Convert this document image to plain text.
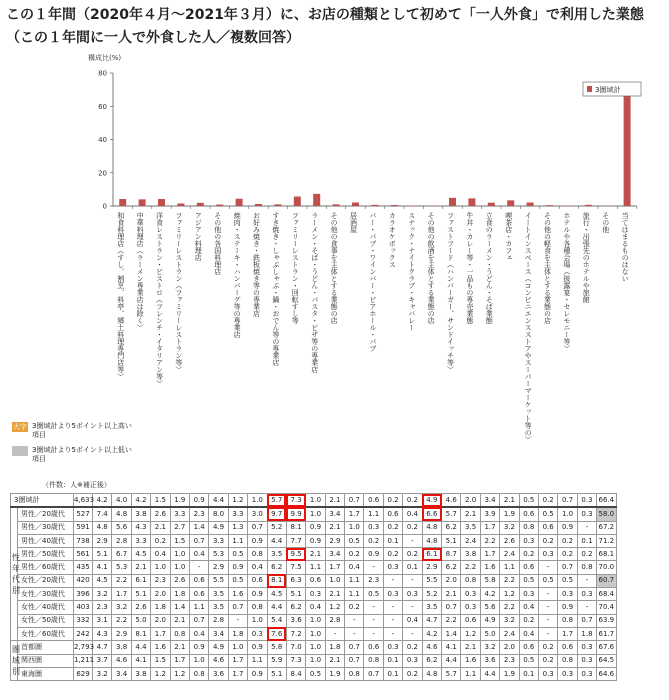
この１年間（2020年４月～2021年３月）に、お店の種類として初めて「一人外食」で利用した業態（この１年間に一人で外食した人／複数回答）
構成比(%)
0
20
40
60
80
和食料理店（すし、割烹、料亭、郷土料理専門店等） 中華料理店（ラーメン専業店は除く） 洋食レストラン・ビストロ（フレンチ・イタリアン等） ファミリーレストラン（ファミリーレストラン等） アジアン料理店 その他の各国料理店 焼肉・ステーキ・ハンバーグ等の専業店 お好み焼き・鉄板焼き等の専業店 すき焼き・しゃぶしゃぶ・鍋・おでん等の専業店 ファミリーレストラン・回転すし等 ラーメン・そば・うどん・パスタ・ピザ等の専業店 その他の食事を主体とする業態の店 居酒屋 バー・パブ・ワインバー・ビアホール・パブ カラオケボックス スナック・ナイトクラブ・キャバレー その他の飲酒を主体とする業態の店 ファストフード（ハンバーガー、サンドイッチ等） 牛丼・カレー等・一品もの専売業態 立食のラーメン・うどん・そば業態 喫茶店・カフェ イートインスペース（コンビニエンスストアやスーパーマーケット等の） その他の軽食を主体とする業態の店 ホテルや各種会場（披露宴・セレモニー等） 旅行・出張先のホテルや旅館 その他 当てはまるものはない
3圏域計
大字 3圏域計より5ポイント以上高い項目
3圏域計より5ポイント以上低い項目
（件数：人※補正後）
3圏域計		4,633	4.2	4.0	4.2	1.5	1.9	0.9	4.4	1.2	1.0	5.7	7.3	1.0	2.1	0.7	0.6	0.2	0.2	4.9	4.6	2.0	3.4	2.1	0.5	0.2	0.7	0.3	66.4
性年代別	男性／20歳代	527	7.4	4.8	3.8	2.6	3.3	2.3	8.0	3.3	3.0	9.7	9.9	1.0	3.4	1.7	1.1	0.6	0.4	6.6	5.7	2.1	3.9	1.9	0.6	0.5	1.0	0.3	58.0
	男性／30歳代	591	4.8	5.6	4.3	2.1	2.7	1.4	4.9	1.3	0.7	5.2	8.1	0.9	2.1	1.0	0.3	0.2	0.2	4.8	6.2	3.5	1.7	3.2	0.8	0.6	0.9	-	67.2
	男性／40歳代	738	2.9	2.8	3.3	0.2	1.5	0.7	3.3	1.1	0.9	4.4	7.7	0.9	2.9	0.5	0.2	0.1	-	4.8	5.1	2.4	2.2	2.6	0.3	0.2	0.2	0.1	71.2
	男性／50歳代	561	5.1	6.7	4.5	0.4	1.0	0.4	5.3	0.5	0.8	3.5	9.5	2.1	3.4	0.2	0.9	0.2	0.2	6.1	8.7	3.8	1.7	2.4	0.2	0.3	0.2	0.2	68.1
	男性／60歳代	435	4.1	5.3	2.1	1.0	1.0	-	2.9	0.9	0.4	6.2	7.5	1.1	1.7	0.4	-	0.3	0.1	2.9	6.2	2.2	1.6	1.1	0.6	-	0.7	0.8	70.0
	女性／20歳代	420	4.5	2.2	6.1	2.3	2.6	0.6	5.5	0.5	0.6	8.1	6.3	0.6	1.0	1.1	2.3	-	-	5.5	2.0	0.8	5.8	2.2	0.5	0.5	0.5	-	60.7
	女性／30歳代	396	3.2	1.7	5.1	2.0	1.8	0.6	3.5	1.6	0.9	4.5	5.1	0.3	2.1	1.1	0.5	0.3	0.3	5.2	2.1	0.3	4.2	1.2	0.3	-	0.3	0.3	68.4
	女性／40歳代	403	2.3	3.2	2.6	1.8	1.4	1.1	3.5	0.7	0.8	4.4	6.2	0.4	1.2	0.2	-	-	-	3.5	0.7	0.3	5.6	2.2	0.4	-	0.9	-	70.4
	女性／50歳代	332	3.1	2.2	5.0	2.0	2.1	0.7	2.8	-	1.0	5.4	3.6	1.0	2.8	-	-	-	0.4	4.7	2.2	0.6	4.9	3.2	0.2	-	0.8	0.7	63.9
	女性／60歳代	242	4.3	2.9	8.1	1.7	0.8	0.4	3.4	1.8	0.3	7.6	7.2	1.0	-	-	-	-	-	4.2	1.4	1.2	5.0	2.4	0.4	-	1.7	1.8	61.7
圏域別	首都圏	2,793	4.7	3.8	4.4	1.6	2.1	0.9	4.9	1.0	0.9	5.8	7.0	1.0	1.8	0.7	0.6	0.3	0.2	4.6	4.1	2.1	3.2	2.0	0.6	0.2	0.6	0.3	67.6
	関西圏	1,211	3.7	4.6	4.1	1.5	1.7	1.0	4.6	1.7	1.1	5.9	7.3	1.0	2.1	0.7	0.8	0.1	0.3	6.2	4.4	1.6	3.6	2.3	0.5	0.2	0.8	0.3	64.5
	東海圏	629	3.2	3.4	3.8	1.2	1.2	0.8	3.6	1.7	0.9	5.1	8.4	0.5	1.9	0.8	0.7	0.1	0.2	4.8	5.7	1.1	4.4	1.9	0.1	0.3	0.3	0.3	64.6
